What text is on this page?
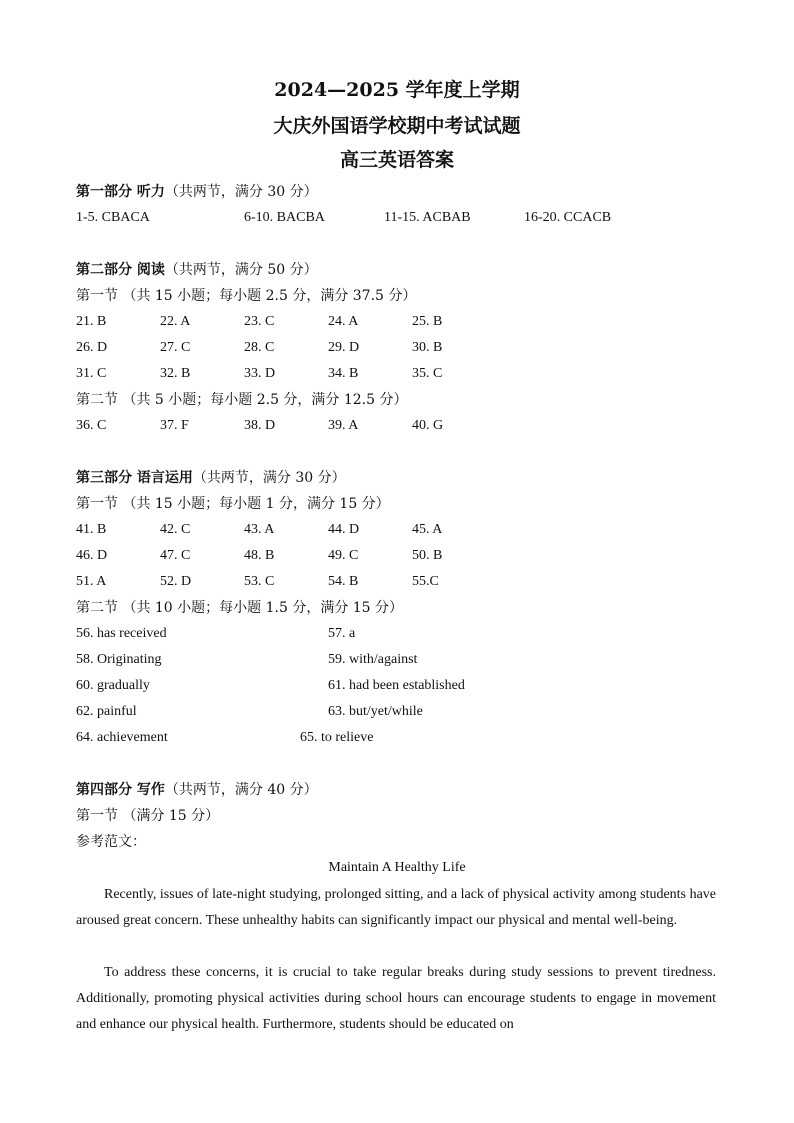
2024—2025 学年度上学期
大庆外国语学校期中考试试题
高三英语答案
第一部分 听力（共两节，满分 30 分）
1-5. CBACA	6-10. BACBA	11-15. ACBAB	16-20. CCACB
第二部分 阅读（共两节，满分 50 分）
第一节 （共 15 小题；每小题 2.5 分，满分 37.5 分）
21. B	22. A	23. C	24. A	25. B
26. D	27. C	28. C	29. D	30. B
31. C	32. B	33. D	34. B	35. C
第二节 （共 5 小题；每小题 2.5 分，满分 12.5 分）
36. C	37. F	38. D	39. A	40. G
第三部分 语言运用（共两节，满分 30 分）
第一节 （共 15 小题；每小题 1 分，满分 15 分）
41. B	42. C	43. A	44. D	45. A
46. D	47. C	48. B	49. C	50. B
51. A	52. D	53. C	54. B	55.C
第二节 （共 10 小题；每小题 1.5 分，满分 15 分）
56. has received	57. a
58. Originating	59. with/against
60. gradually	61. had been established
62. painful	63. but/yet/while
64. achievement	65. to relieve
第四部分 写作（共两节，满分 40 分）
第一节 （满分 15 分）
参考范文：
Maintain A Healthy Life

Recently, issues of late-night studying, prolonged sitting, and a lack of physical activity among students have aroused great concern. These unhealthy habits can significantly impact our physical and mental well-being.

To address these concerns, it is crucial to take regular breaks during study sessions to prevent tiredness. Additionally, promoting physical activities during school hours can encourage students to engage in movement and enhance our physical health. Furthermore, students should be educated on
